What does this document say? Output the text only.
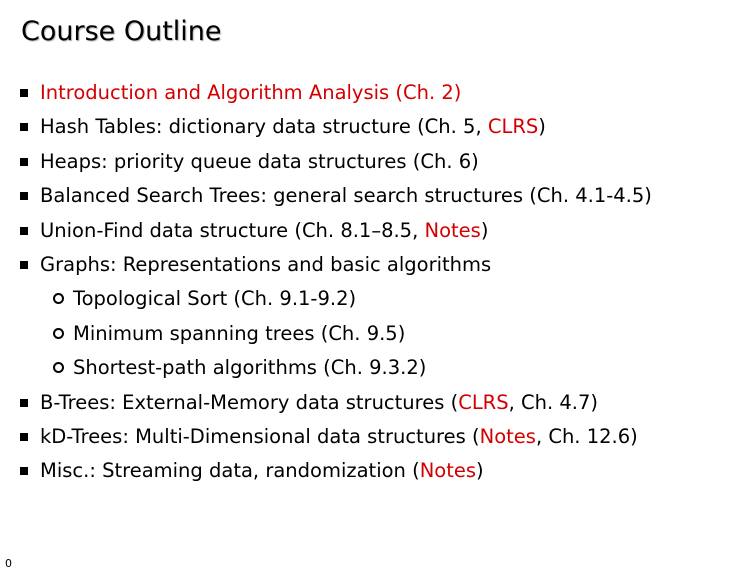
Course Outline
Introduction and Algorithm Analysis (Ch. 2)
Hash Tables: dictionary data structure (Ch. 5, CLRS)
Heaps: priority queue data structures (Ch. 6)
Balanced Search Trees: general search structures (Ch. 4.1-4.5)
Union-Find data structure (Ch. 8.1–8.5, Notes)
Graphs: Representations and basic algorithms
Topological Sort (Ch. 9.1-9.2)
Minimum spanning trees (Ch. 9.5)
Shortest-path algorithms (Ch. 9.3.2)
B-Trees: External-Memory data structures (CLRS, Ch. 4.7)
kD-Trees: Multi-Dimensional data structures (Notes, Ch. 12.6)
Misc.: Streaming data, randomization (Notes)
0
